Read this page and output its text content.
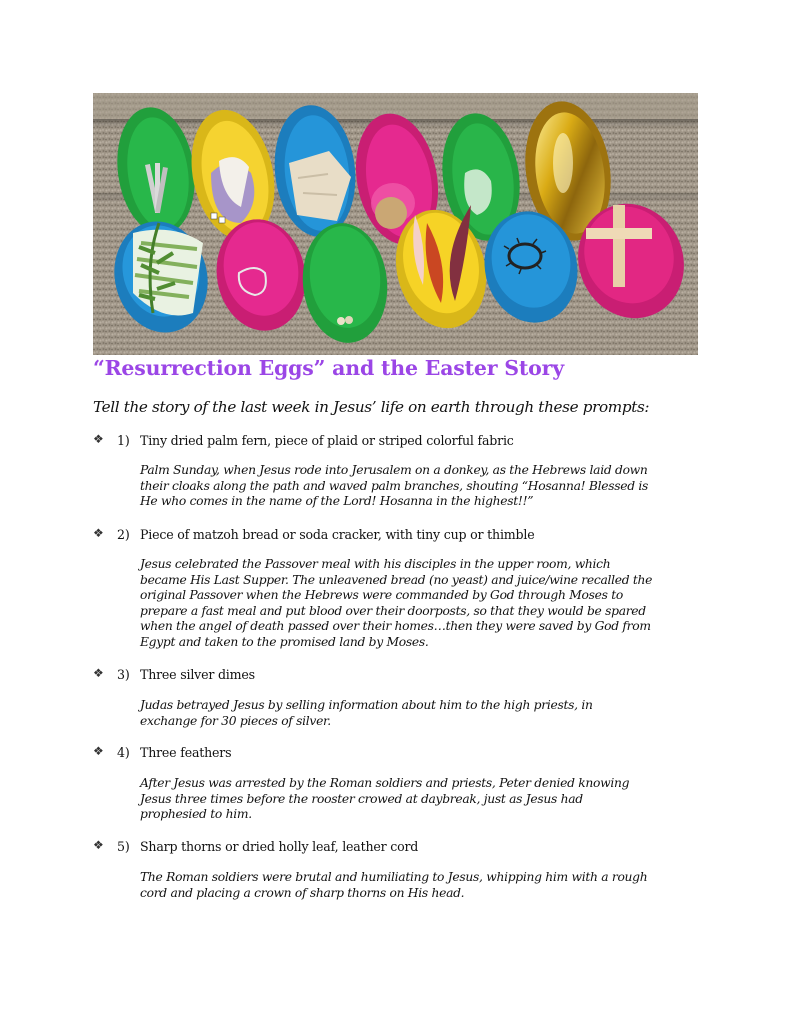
“Resurrection Eggs” and the Easter Story
Tell the story of the last week in Jesus’ life on earth through these prompts:
❖ 1) Tiny dried palm fern, piece of plaid or striped colorful fabric
Palm Sunday, when Jesus rode into Jerusalem on a donkey, as the Hebrews laid down
their cloaks along the path and waved palm branches, shouting “Hosanna! Blessed is
He who comes in the name of the Lord! Hosanna in the highest!!”
❖ 2) Piece of matzoh bread or soda cracker, with tiny cup or thimble
Jesus celebrated the Passover meal with his disciples in the upper room, which
became His Last Supper. The unleavened bread (no yeast) and juice/wine recalled the
original Passover when the Hebrews were commanded by God through Moses to
prepare a fast meal and put blood over their doorposts, so that they would be spared
when the angel of death passed over their homes…then they were saved by God from
Egypt and taken to the promised land by Moses.
❖ 3) Three silver dimes
Judas betrayed Jesus by selling information about him to the high priests, in
exchange for 30 pieces of silver.
❖ 4) Three feathers
After Jesus was arrested by the Roman soldiers and priests, Peter denied knowing
Jesus three times before the rooster crowed at daybreak, just as Jesus had
prophesied to him.
❖ 5) Sharp thorns or dried holly leaf, leather cord
The Roman soldiers were brutal and humiliating to Jesus, whipping him with a rough
cord and placing a crown of sharp thorns on His head.
